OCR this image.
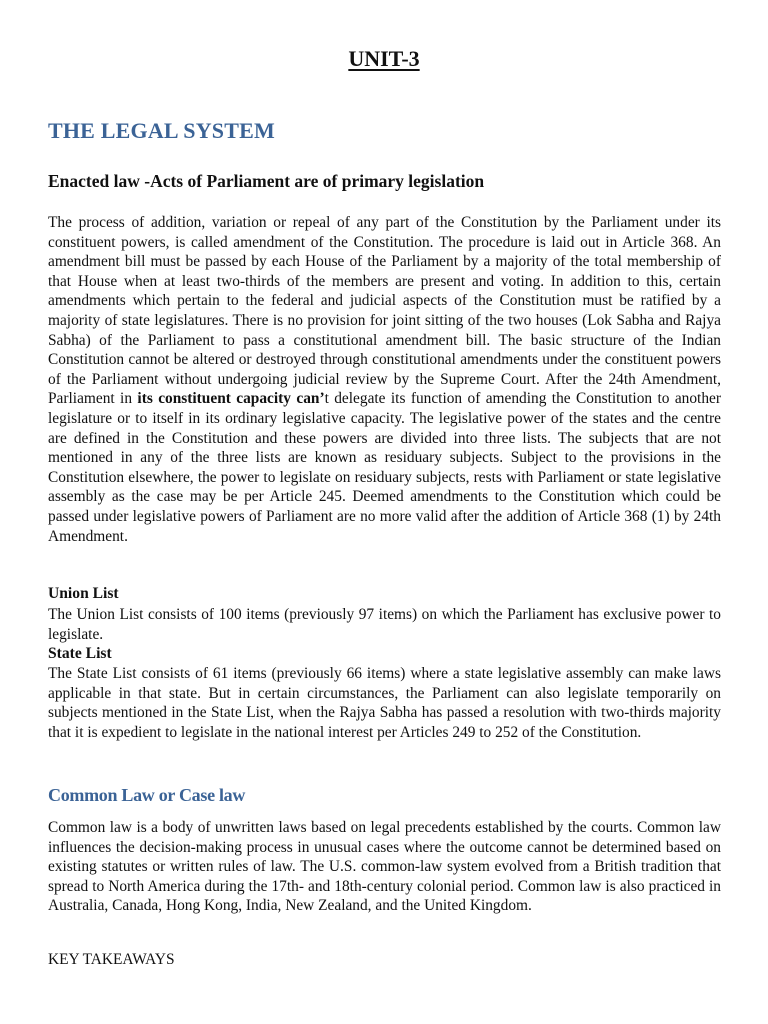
UNIT-3
THE LEGAL SYSTEM
Enacted law -Acts of Parliament are of primary legislation
The process of addition, variation or repeal of any part of the Constitution by the Parliament under its constituent powers, is called amendment of the Constitution. The procedure is laid out in Article 368. An amendment bill must be passed by each House of the Parliament by a majority of the total membership of that House when at least two-thirds of the members are present and voting. In addition to this, certain amendments which pertain to the federal and judicial aspects of the Constitution must be ratified by a majority of state legislatures. There is no provision for joint sitting of the two houses (Lok Sabha and Rajya Sabha) of the Parliament to pass a constitutional amendment bill. The basic structure of the Indian Constitution cannot be altered or destroyed through constitutional amendments under the constituent powers of the Parliament without undergoing judicial review by the Supreme Court. After the 24th Amendment, Parliament in its constituent capacity can’t delegate its function of amending the Constitution to another legislature or to itself in its ordinary legislative capacity. The legislative power of the states and the centre are defined in the Constitution and these powers are divided into three lists. The subjects that are not mentioned in any of the three lists are known as residuary subjects. Subject to the provisions in the Constitution elsewhere, the power to legislate on residuary subjects, rests with Parliament or state legislative assembly as the case may be per Article 245. Deemed amendments to the Constitution which could be passed under legislative powers of Parliament are no more valid after the addition of Article 368 (1) by 24th Amendment.
Union List
The Union List consists of 100 items (previously 97 items) on which the Parliament has exclusive power to legislate.
State List
The State List consists of 61 items (previously 66 items) where a state legislative assembly can make laws applicable in that state. But in certain circumstances, the Parliament can also legislate temporarily on subjects mentioned in the State List, when the Rajya Sabha has passed a resolution with two-thirds majority that it is expedient to legislate in the national interest per Articles 249 to 252 of the Constitution.
Common Law or Case law
Common law is a body of unwritten laws based on legal precedents established by the courts. Common law influences the decision-making process in unusual cases where the outcome cannot be determined based on existing statutes or written rules of law. The U.S. common-law system evolved from a British tradition that spread to North America during the 17th- and 18th-century colonial period. Common law is also practiced in Australia, Canada, Hong Kong, India, New Zealand, and the United Kingdom.
KEY TAKEAWAYS
